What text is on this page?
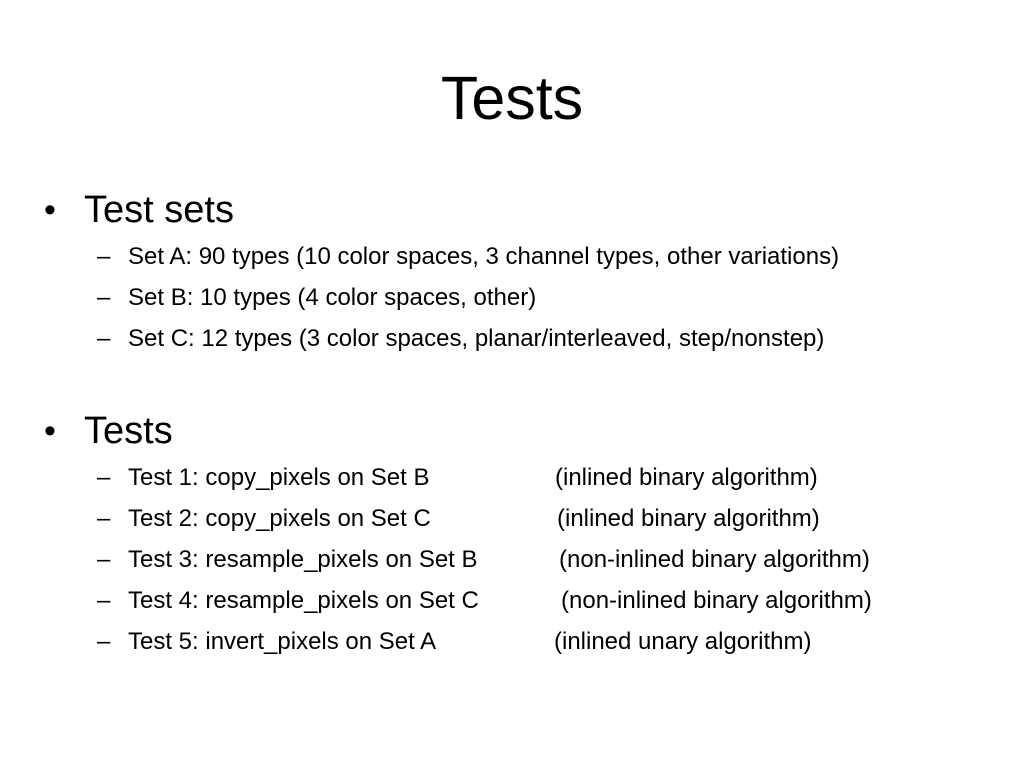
Tests
• Test sets
– Set A: 90 types (10 color spaces, 3 channel types, other variations)
– Set B: 10 types (4 color spaces, other)
– Set C: 12 types (3 color spaces, planar/interleaved, step/nonstep)
• Tests
– Test 1: copy_pixels on Set B	(inlined binary algorithm)
– Test 2: copy_pixels on Set C	(inlined binary algorithm)
– Test 3: resample_pixels on Set B	(non-inlined binary algorithm)
– Test 4: resample_pixels on Set C	(non-inlined binary algorithm)
– Test 5: invert_pixels on Set A	(inlined unary algorithm)
